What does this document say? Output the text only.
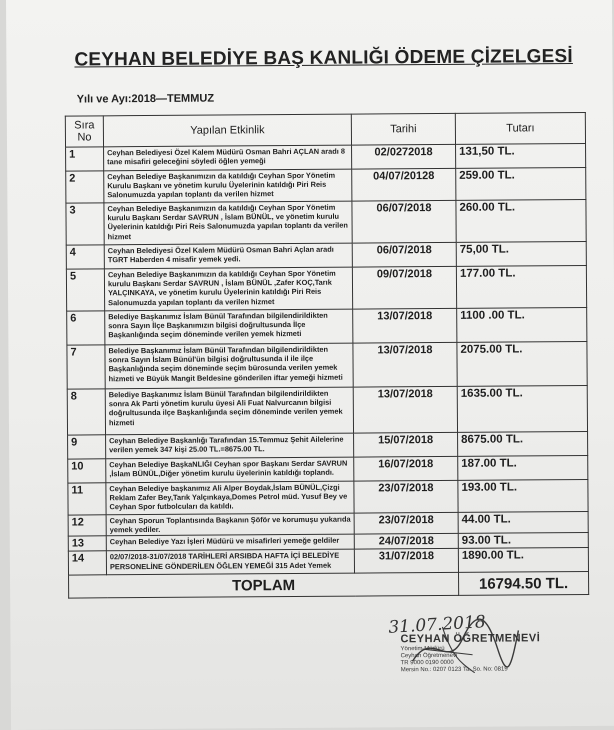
CEYHAN BELEDİYE BAŞ KANLIĞI ÖDEME ÇİZELGESİ
Yılı ve Ayı:2018—TEMMUZ
Sıra No	Yapılan Etkinlik	Tarihi	Tutarı
1	Ceyhan Belediyesi Özel Kalem Müdürü Osman Bahri AÇLAN aradı 8 tane misafiri geleceğini söyledi öğlen yemeği	02/0272018	131,50 TL.
2	Ceyhan Belediye Başkanımızın da katıldığı Ceyhan Spor Yönetim Kurulu Başkanı ve yönetim kurulu Üyelerinin katıldığı Piri Reis Salonumuzda yapılan toplantı da verilen hizmet	04/07/20128	259.00 TL.
3	Ceyhan Belediye Başkanımızın da katıldığı Ceyhan Spor Yönetim kurulu Başkanı Serdar SAVRUN , İslam BÜNÜL, ve yönetim kurulu Üyelerinin katıldığı Piri Reis Salonumuzda yapılan toplantı da verilen hizmet	06/07/2018	260.00 TL.
4	Ceyhan Belediyesi Özel Kalem Müdürü Osman Bahri Açlan aradı TGRT Haberden 4 misafir yemek yedi.	06/07/2018	75,00 TL.
5	Ceyhan Belediye Başkanımızın da katıldığı Ceyhan Spor Yönetim kurulu Başkanı Serdar SAVRUN , İslam BÜNÜL ,Zafer KOÇ,Tarık YALÇINKAYA, ve yönetim kurulu Üyelerinin katıldığı Piri Reis Salonumuzda yapılan toplantı da verilen hizmet	09/07/2018	177.00 TL.
6	Belediye Başkanımız İslam Bünül Tarafından bilgilendirildikten sonra Sayın İlçe Başkanımızın bilgisi doğrultusunda İlçe Başkanlığında seçim döneminde verilen yemek hizmeti	13/07/2018	1100 .00 TL.
7	Belediye Başkanımız İslam Bünül Tarafından bilgilendirildikten sonra Sayın İslam Bünül'ün bilgisi doğrultusunda il ile ilçe Başkanlığında seçim döneminde seçim bürosunda verilen yemek hizmeti ve Büyük Mangit Beldesine gönderilen iftar yemeği hizmeti	13/07/2018	2075.00 TL.
8	Belediye Başkanımız İslam Bünül Tarafından bilgilendirildikten sonra Ak Parti yönetim kurulu üyesi Ali Fuat Nalvurcanın bilgisi doğrultusunda ilçe Başkanlığında seçim döneminde verilen yemek hizmeti	13/07/2018	1635.00 TL.
9	Ceyhan Belediye Başkanlığı Tarafından 15.Temmuz Şehit Ailelerine verilen yemek 347 kişi 25.00 TL.=8675.00 TL.	15/07/2018	8675.00 TL.
10	Ceyhan Belediye BaşkaNLIĞI Ceyhan spor Başkanı Serdar SAVRUN ,İslam BÜNÜL,Diğer yönetim kurulu üyelerinin katıldığı toplandı.	16/07/2018	187.00 TL.
11	Ceyhan Belediye başkanımız Ali Alper Boydak,İslam BÜNÜL,Çizgi Reklam Zafer Bey,Tarık Yalçınkaya,Domes Petrol müd. Yusuf Bey ve Ceyhan Spor futbolcuları da katıldı.	23/07/2018	193.00 TL.
12	Ceyhan Sporun Toplantısında Başkanın Şöför ve korumuşu yukarıda yemek yediler.	23/07/2018	44.00 TL.
13	Ceyhan Belediye Yazı İşleri Müdürü ve misafirleri yemeğe geldiler	24/07/2018	93.00 TL.
14	02/07/2018-31/07/2018 TARİHLERİ ARSIBDA HAFTA İÇİ BELEDİYE PERSONELİNE GÖNDERİLEN ÖĞLEN YEMEĞİ 315 Adet Yemek	31/07/2018	1890.00 TL.
TOPLAM			16794.50 TL.
31.07.2018
CEYHAN ÖĞRETMENEVİ
Yönetim Müdürü
Ceyhan Öğretmenevi
TR 9000 0190 0000
Mersin No.: 0207 0123 Ta. So. No: 0819
